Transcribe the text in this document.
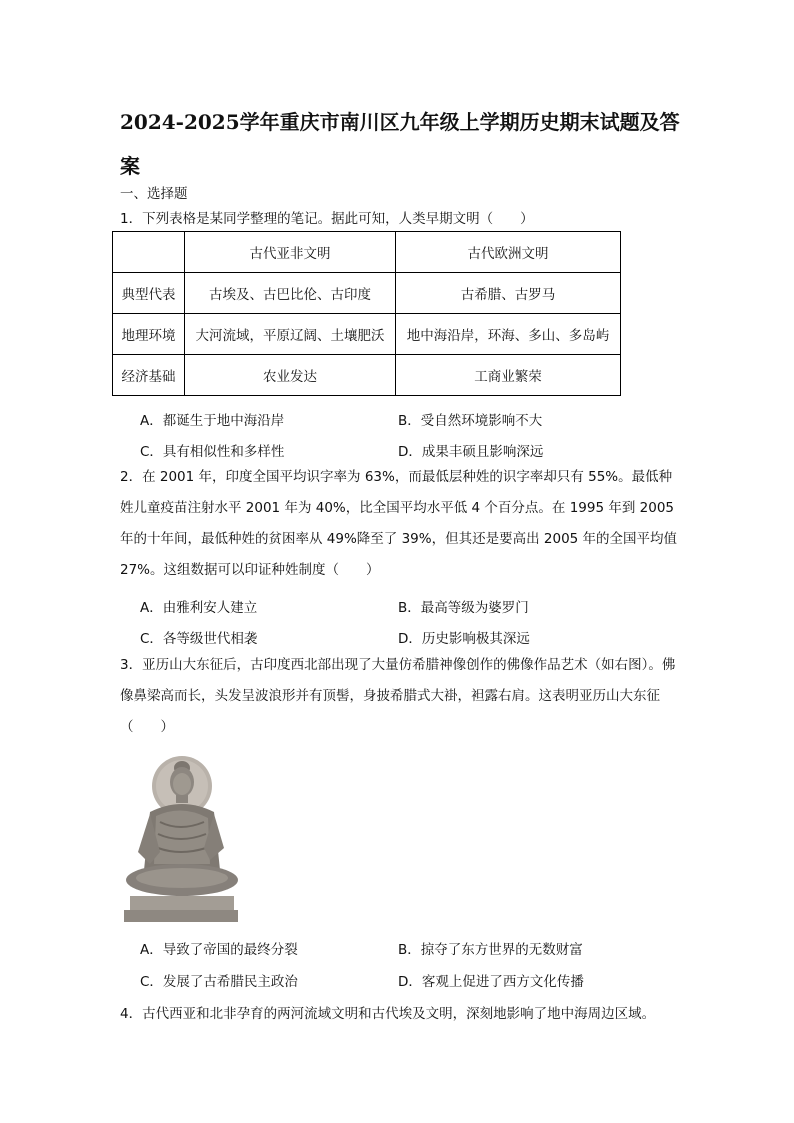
2024-2025学年重庆市南川区九年级上学期历史期末试题及答案
一、选择题
1．下列表格是某同学整理的笔记。据此可知，人类早期文明（　　）
	古代亚非文明	古代欧洲文明
典型代表	古埃及、古巴比伦、古印度	古希腊、古罗马
地理环境	大河流域，平原辽阔、土壤肥沃	地中海沿岸，环海、多山、多岛屿
经济基础	农业发达	工商业繁荣
A．都诞生于地中海沿岸	B．受自然环境影响不大
C．具有相似性和多样性	D．成果丰硕且影响深远
2．在 2001 年，印度全国平均识字率为 63%，而最低层种姓的识字率却只有 55%。最低种姓儿童疫苗注射水平 2001 年为 40%，比全国平均水平低 4 个百分点。在 1995 年到 2005 年的十年间，最低种姓的贫困率从 49%降至了 39%，但其还是要高出 2005 年的全国平均值 27%。这组数据可以印证种姓制度（　　）
A．由雅利安人建立	B．最高等级为婆罗门
C．各等级世代相袭	D．历史影响极其深远
3．亚历山大东征后，古印度西北部出现了大量仿希腊神像创作的佛像作品艺术（如右图）。佛像鼻梁高而长，头发呈波浪形并有顶髻，身披希腊式大褂，袒露右肩。这表明亚历山大东征（　　）
A．导致了帝国的最终分裂	B．掠夺了东方世界的无数财富
C．发展了古希腊民主政治	D．客观上促进了西方文化传播
4．古代西亚和北非孕育的两河流域文明和古代埃及文明，深刻地影响了地中海周边区域。
